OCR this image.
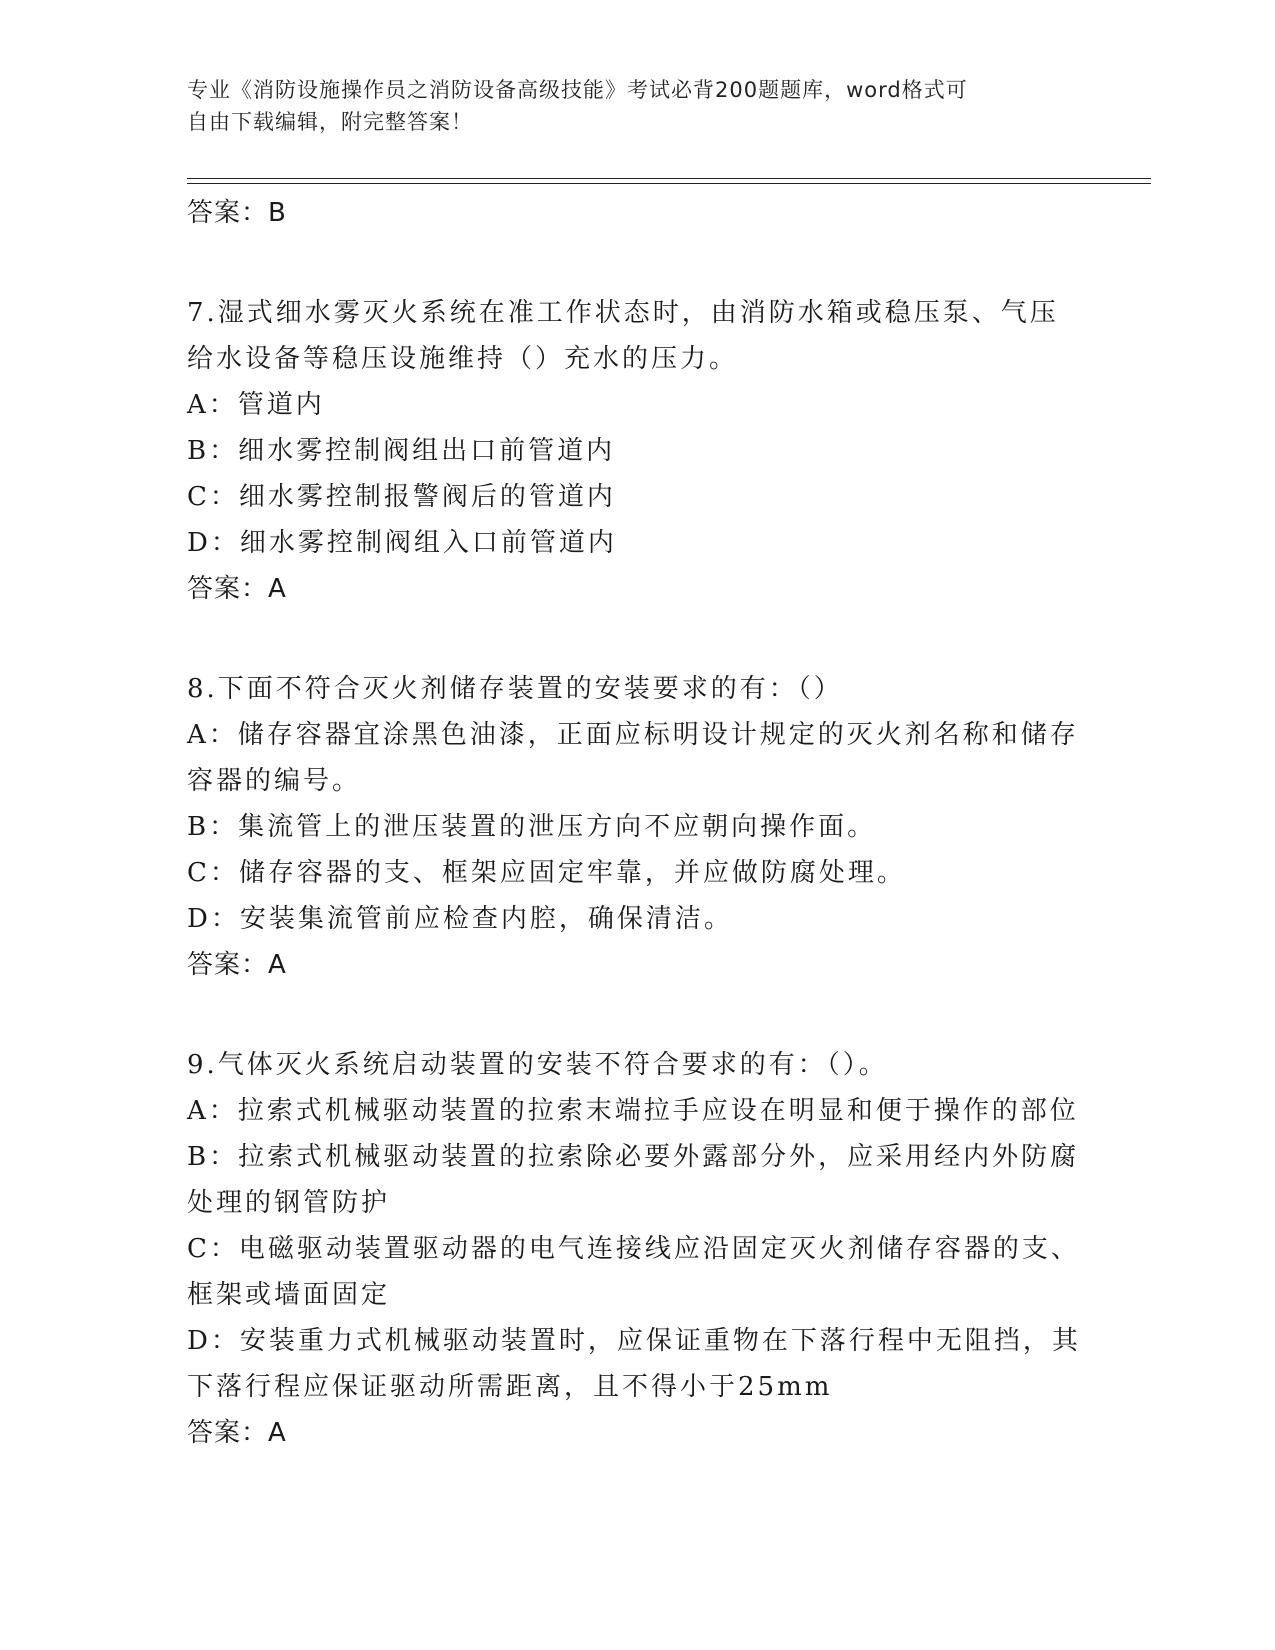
专业《消防设施操作员之消防设备高级技能》考试必背200题题库，word格式可
自由下载编辑，附完整答案！
答案：B
7.湿式细水雾灭火系统在准工作状态时，由消防水箱或稳压泵、气压
给水设备等稳压设施维持（）充水的压力。
A：管道内
B：细水雾控制阀组出口前管道内
C：细水雾控制报警阀后的管道内
D：细水雾控制阀组入口前管道内
答案：A
8.下面不符合灭火剂储存装置的安装要求的有：（）
A：储存容器宜涂黑色油漆，正面应标明设计规定的灭火剂名称和储存
容器的编号。
B：集流管上的泄压装置的泄压方向不应朝向操作面。
C：储存容器的支、框架应固定牢靠，并应做防腐处理。
D：安装集流管前应检查内腔，确保清洁。
答案：A
9.气体灭火系统启动装置的安装不符合要求的有：（）。
A：拉索式机械驱动装置的拉索末端拉手应设在明显和便于操作的部位
B：拉索式机械驱动装置的拉索除必要外露部分外，应采用经内外防腐
处理的钢管防护
C：电磁驱动装置驱动器的电气连接线应沿固定灭火剂储存容器的支、
框架或墙面固定
D：安装重力式机械驱动装置时，应保证重物在下落行程中无阻挡，其
下落行程应保证驱动所需距离，且不得小于25mm
答案：A
